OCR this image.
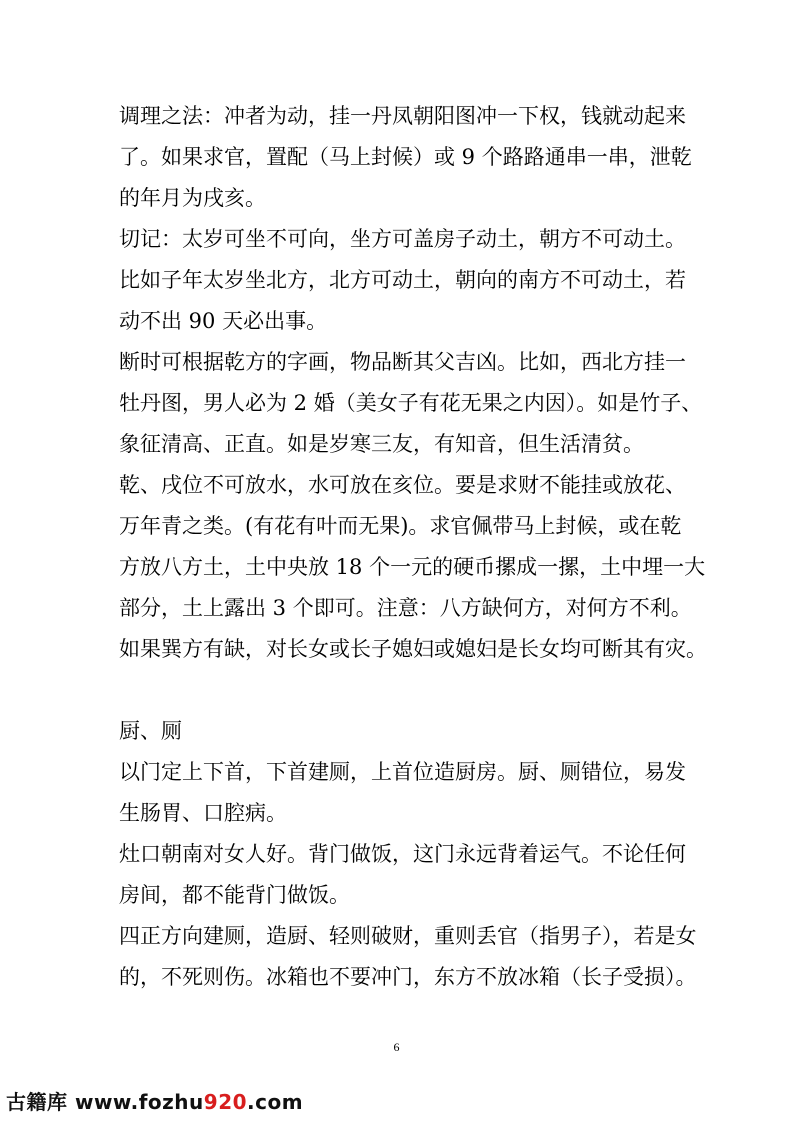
调理之法：冲者为动，挂一丹凤朝阳图冲一下权，钱就动起来
了。如果求官，置配（马上封候）或 9 个路路通串一串，泄乾
的年月为戌亥。
切记：太岁可坐不可向，坐方可盖房子动土，朝方不可动土。
比如子年太岁坐北方，北方可动土，朝向的南方不可动土，若
动不出 90 天必出事。
断时可根据乾方的字画，物品断其父吉凶。比如，西北方挂一
牡丹图，男人必为 2 婚（美女子有花无果之内因）。如是竹子、
象征清高、正直。如是岁寒三友，有知音，但生活清贫。
乾、戌位不可放水，水可放在亥位。要是求财不能挂或放花、
万年青之类。(有花有叶而无果)。求官佩带马上封候，或在乾
方放八方土，土中央放 18 个一元的硬币摞成一摞，土中埋一大
部分，土上露出 3 个即可。注意：八方缺何方，对何方不利。
如果巽方有缺，对长女或长子媳妇或媳妇是长女均可断其有灾。
厨、厕
以门定上下首，下首建厕，上首位造厨房。厨、厕错位，易发
生肠胃、口腔病。
灶口朝南对女人好。背门做饭，这门永远背着运气。不论任何
房间，都不能背门做饭。
四正方向建厕，造厨、轻则破财，重则丢官（指男子），若是女
的，不死则伤。冰箱也不要冲门，东方不放冰箱（长子受损）。
6
古籍库 www.fozhu920.com
